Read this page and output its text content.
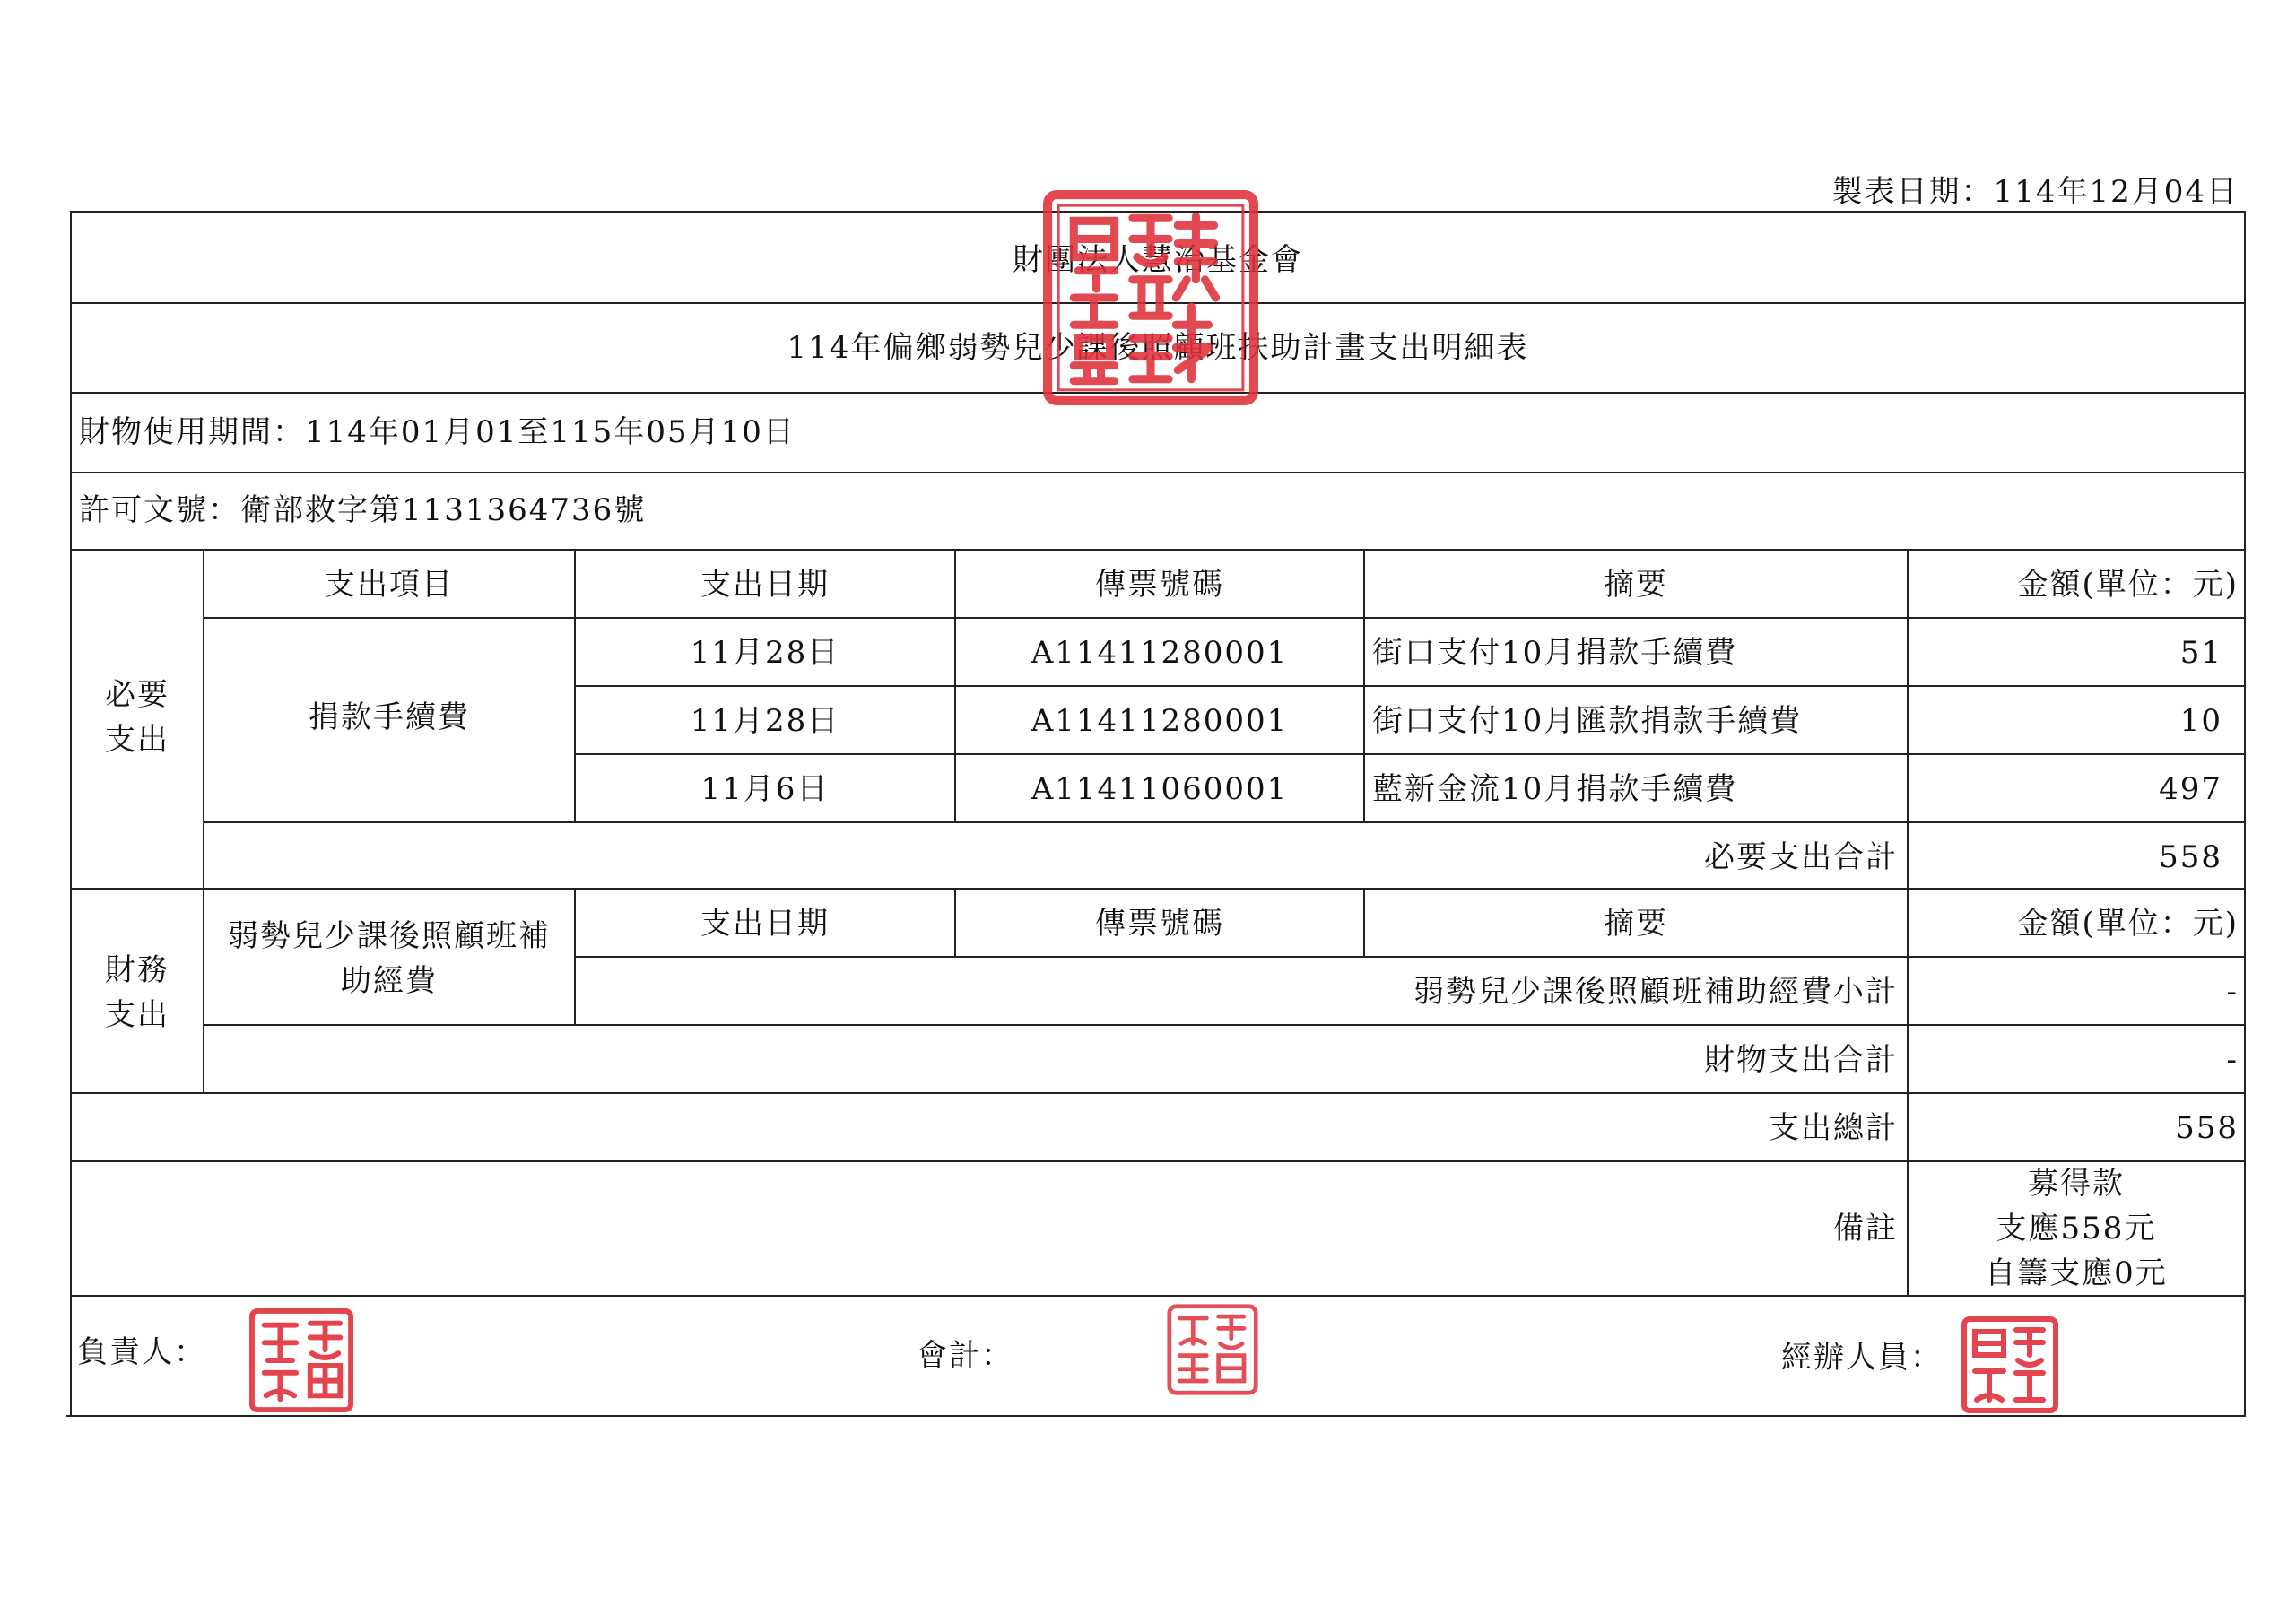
製表日期：114年12月04日
財團法人慧治基金會
114年偏鄉弱勢兒少課後照顧班扶助計畫支出明細表
財物使用期間：114年01月01至115年05月10日
許可文號：衛部救字第1131364736號
支出項目	支出日期	傳票號碼	摘要	金額(單位：元)
必要
支出
捐款手續費
11月28日	A11411280001	街口支付10月捐款手續費	51
11月28日	A11411280001	街口支付10月匯款捐款手續費	10
11月6日	A11411060001	藍新金流10月捐款手續費	497
必要支出合計	558
財務
支出
弱勢兒少課後照顧班補
助經費
支出日期	傳票號碼	摘要	金額(單位：元)
弱勢兒少課後照顧班補助經費小計	-
財物支出合計	-
支出總計	558
備註
募得款
支應558元
自籌支應0元
負責人：	會計：	經辦人員：
